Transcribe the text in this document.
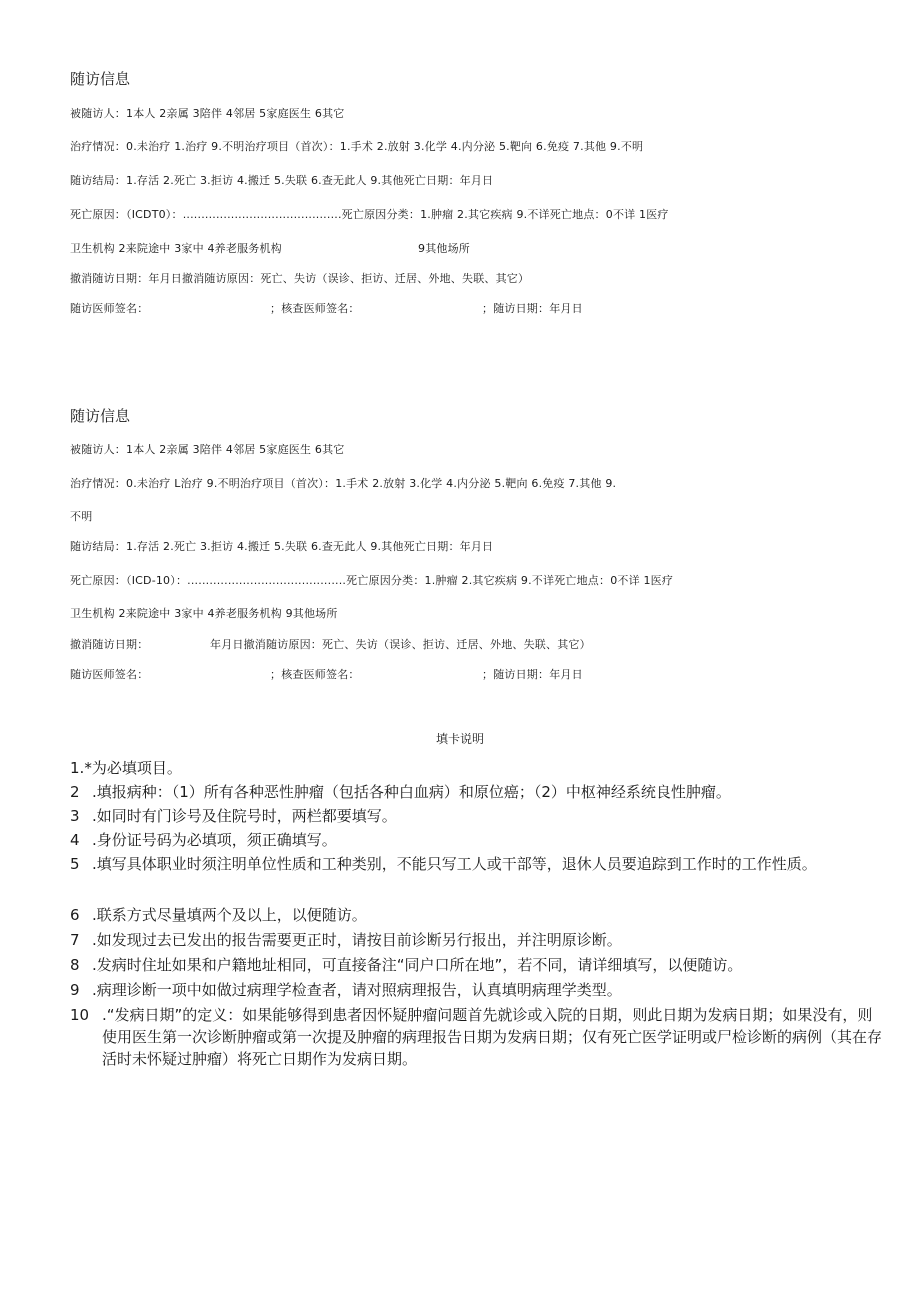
随访信息
被随访人：1本人 2亲属 3陪伴 4邻居 5家庭医生 6其它
治疗情况：0.未治疗 1.治疗 9.不明治疗项目（首次）：1.手术 2.放射 3.化学 4.内分泌 5.靶向 6.免疫 7.其他 9.不明
随访结局：1.存活 2.死亡 3.拒访 4.搬迁 5.失联 6.查无此人 9.其他死亡日期：年月日
死亡原因：（ICDT0）：...........................................死亡原因分类：1.肿瘤 2.其它疾病 9.不详死亡地点：0不详 1医疗
卫生机构 2来院途中 3家中 4养老服务机构	9其他场所
撤消随访日期：年月日撤消随访原因：死亡、失访（误诊、拒访、迁居、外地、失联、其它）
随访医师签名：	；核查医师签名：	；随访日期：年月日
随访信息
被随访人：1本人 2亲属 3陪伴 4邻居 5家庭医生 6其它
治疗情况：0.未治疗 L治疗 9.不明治疗项目（首次）：1.手术 2.放射 3.化学 4.内分泌 5.靶向 6.免疫 7.其他 9.
不明
随访结局：1.存活 2.死亡 3.拒访 4.搬迁 5.失联 6.查无此人 9.其他死亡日期：年月日
死亡原因：（ICD-10）：...........................................死亡原因分类：1.肿瘤 2.其它疾病 9.不详死亡地点：0不详 1医疗
卫生机构 2来院途中 3家中 4养老服务机构 9其他场所
撤消随访日期：	年月日撤消随访原因：死亡、失访（误诊、拒访、迁居、外地、失联、其它）
随访医师签名：	；核查医师签名：	；随访日期：年月日
填卡说明
1.*为必填项目。
2 .填报病种：（1）所有各种恶性肿瘤（包括各种白血病）和原位癌；（2）中枢神经系统良性肿瘤。
3 .如同时有门诊号及住院号时，两栏都要填写。
4 .身份证号码为必填项，须正确填写。
5 .填写具体职业时须注明单位性质和工种类别，不能只写工人或干部等，退休人员要追踪到工作时的工作性质。
6 .联系方式尽量填两个及以上，以便随访。
7 .如发现过去已发出的报告需要更正时，请按目前诊断另行报出，并注明原诊断。
8 .发病时住址如果和户籍地址相同，可直接备注“同户口所在地”，若不同，请详细填写，以便随访。
9 .病理诊断一项中如做过病理学检查者，请对照病理报告，认真填明病理学类型。
10 .“发病日期”的定义：如果能够得到患者因怀疑肿瘤问题首先就诊或入院的日期，则此日期为发病日期；如果没有，则使用医生第一次诊断肿瘤或第一次提及肿瘤的病理报告日期为发病日期；仅有死亡医学证明或尸检诊断的病例（其在存活时未怀疑过肿瘤）将死亡日期作为发病日期。
